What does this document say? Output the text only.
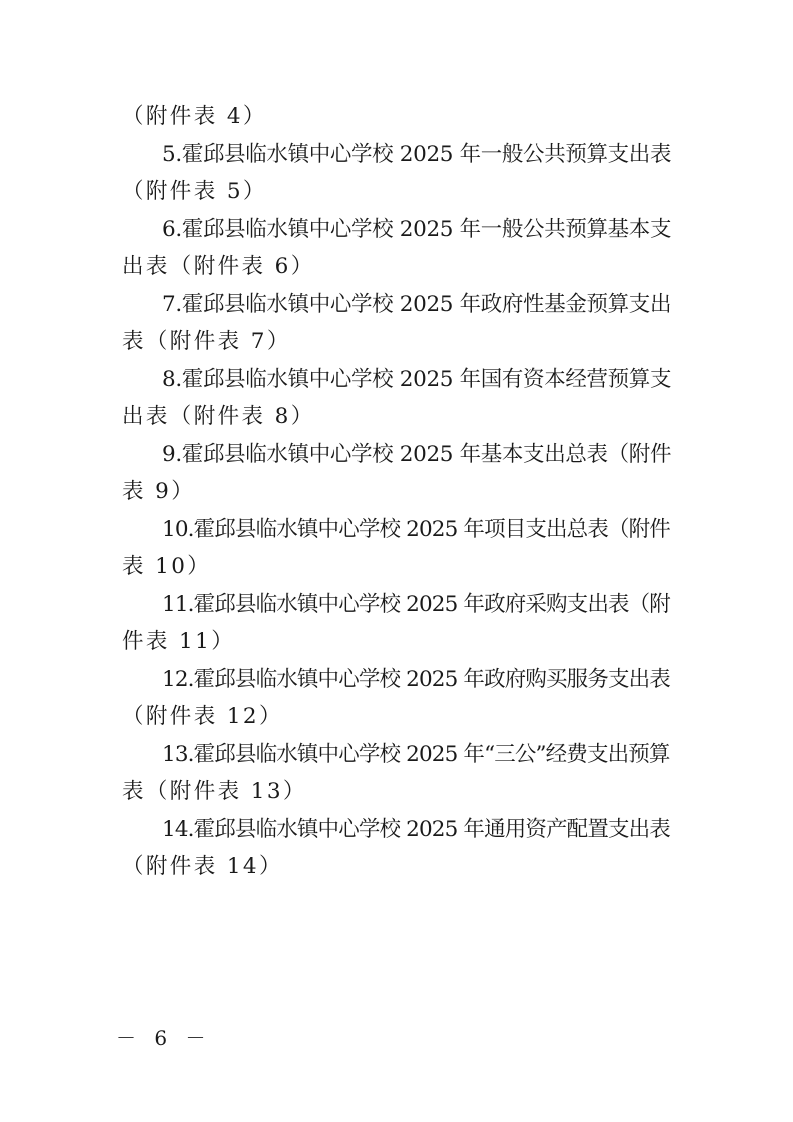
（附件表 4）
5.霍邱县临水镇中心学校 2025 年一般公共预算支出表
（附件表 5）
6.霍邱县临水镇中心学校 2025 年一般公共预算基本支
出表（附件表 6）
7.霍邱县临水镇中心学校 2025 年政府性基金预算支出
表（附件表 7）
8.霍邱县临水镇中心学校 2025 年国有资本经营预算支
出表（附件表 8）
9.霍邱县临水镇中心学校 2025 年基本支出总表（附件
表 9）
10.霍邱县临水镇中心学校 2025 年项目支出总表（附件
表 10）
11.霍邱县临水镇中心学校 2025 年政府采购支出表（附
件表 11）
12.霍邱县临水镇中心学校 2025 年政府购买服务支出表
（附件表 12）
13.霍邱县临水镇中心学校 2025 年“三公”经费支出预算
表（附件表 13）
14.霍邱县临水镇中心学校 2025 年通用资产配置支出表
（附件表 14）
－ 6 －
